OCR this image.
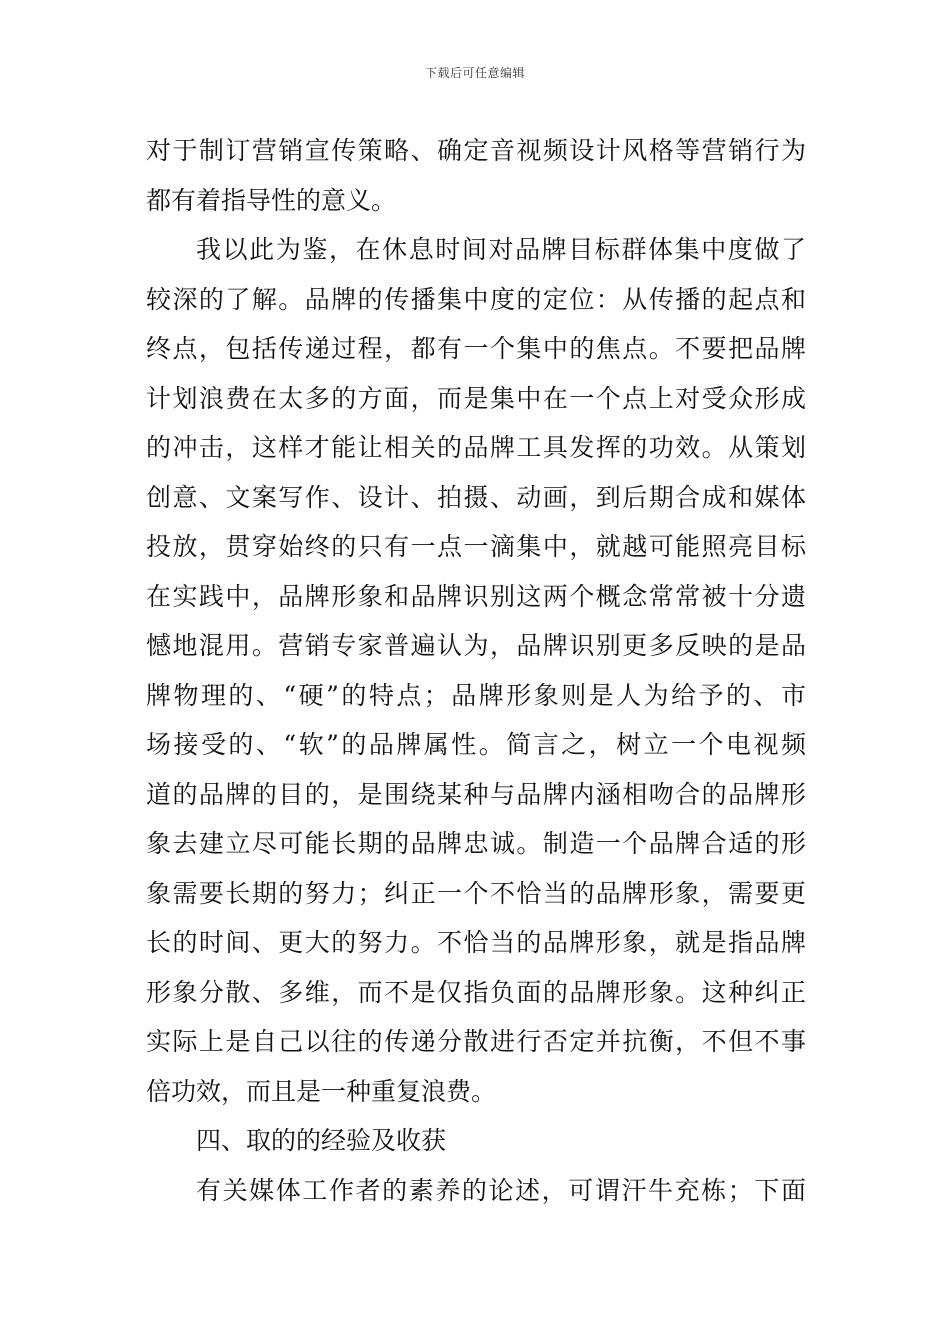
下载后可任意编辑
对于制订营销宣传策略、确定音视频设计风格等营销行为
都有着指导性的意义。
我以此为鉴，在休息时间对品牌目标群体集中度做了
较深的了解。品牌的传播集中度的定位：从传播的起点和
终点，包括传递过程，都有一个集中的焦点。不要把品牌
计划浪费在太多的方面，而是集中在一个点上对受众形成
的冲击，这样才能让相关的品牌工具发挥的功效。从策划
创意、文案写作、设计、拍摄、动画，到后期合成和媒体
投放，贯穿始终的只有一点一滴集中，就越可能照亮目标
在实践中，品牌形象和品牌识别这两个概念常常被十分遗
憾地混用。营销专家普遍认为，品牌识别更多反映的是品
牌物理的、“硬”的特点；品牌形象则是人为给予的、市
场接受的、“软”的品牌属性。简言之，树立一个电视频
道的品牌的目的，是围绕某种与品牌内涵相吻合的品牌形
象去建立尽可能长期的品牌忠诚。制造一个品牌合适的形
象需要长期的努力；纠正一个不恰当的品牌形象，需要更
长的时间、更大的努力。不恰当的品牌形象，就是指品牌
形象分散、多维，而不是仅指负面的品牌形象。这种纠正
实际上是自己以往的传递分散进行否定并抗衡，不但不事
倍功效，而且是一种重复浪费。
四、取的的经验及收获
有关媒体工作者的素养的论述，可谓汗牛充栋；下面
